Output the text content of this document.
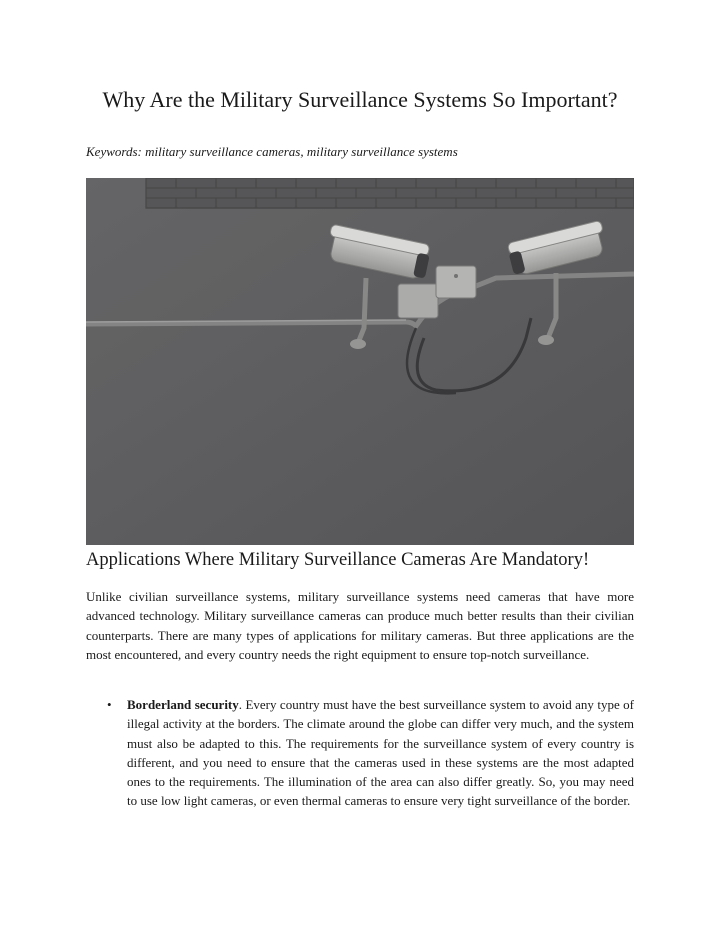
Why Are the Military Surveillance Systems So Important?

Keywords: military surveillance cameras, military surveillance systems

Applications Where Military Surveillance Cameras Are Mandatory!

Unlike civilian surveillance systems, military surveillance systems need cameras that have more advanced technology. Military surveillance cameras can produce much better results than their civilian counterparts. There are many types of applications for military cameras. But three applications are the most encountered, and every country needs the right equipment to ensure top-notch surveillance.

• Borderland security. Every country must have the best surveillance system to avoid any type of illegal activity at the borders. The climate around the globe can differ very much, and the system must also be adapted to this. The requirements for the surveillance system of every country is different, and you need to ensure that the cameras used in these systems are the most adapted ones to the requirements. The illumination of the area can also differ greatly. So, you may need to use low light cameras, or even thermal cameras to ensure very tight surveillance of the border.
